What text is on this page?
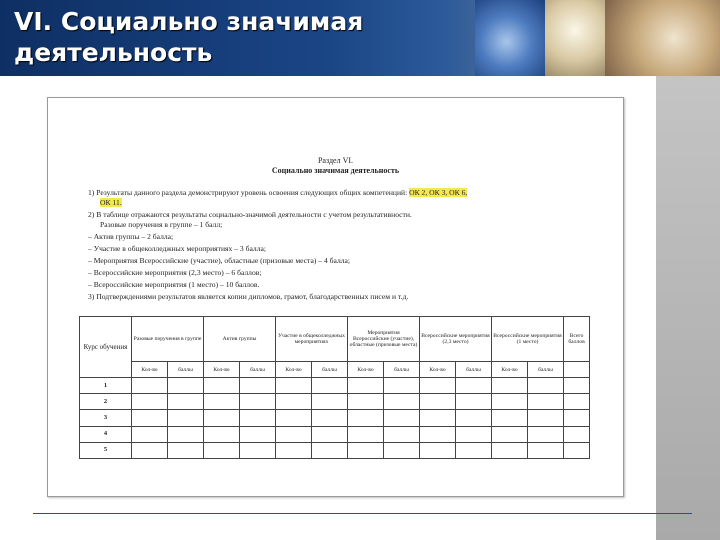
VI. Социально значимая деятельность
Раздел VI.
Социально значимая деятельность
1) Результаты данного раздела демонстрируют уровень освоения следующих общих компетенций: ОК 2, ОК 3, ОК 6,
ОК 11.
2) В таблице отражаются результаты социально-значимой деятельности с учетом результативности.
Разовые поручения в группе – 1 балл;
– Актив группы – 2 балла;
– Участие в общеколледжных мероприятиях – 3 балла;
– Мероприятия Всероссийские (участие), областные (призовые места) – 4 балла;
– Всероссийские мероприятия (2,3 место) – 6 баллов;
– Всероссийские мероприятия (1 место) – 10 баллов.
3) Подтверждениями результатов является копии дипломов, грамот, благодарственных писем и т.д.
Курс обучения	Разовые поручения в группе		Актив группы		Участие в общеколледжных мероприятиях		Мероприятия Всероссийские (участие), областные (призовые места)		Всероссийские мероприятия (2,3 место)		Всероссийские мероприятия (1 место)		Всего баллов
	Кол-во	баллы	Кол-во	баллы	Кол-во	баллы	Кол-во	баллы	Кол-во	баллы	Кол-во	баллы	
1													
2													
3													
4													
5													
